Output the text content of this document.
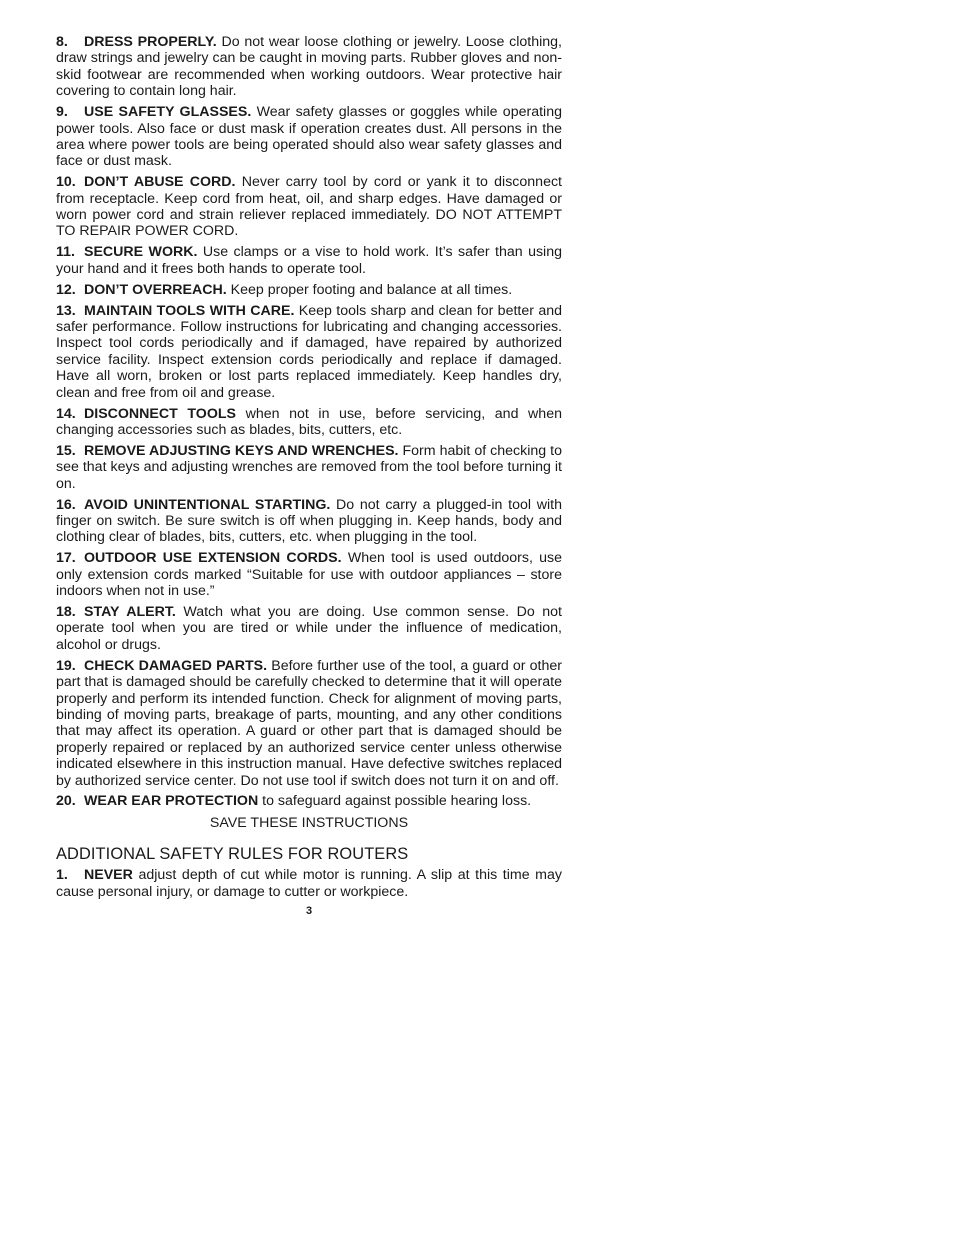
8. DRESS PROPERLY. Do not wear loose clothing or jewelry. Loose clothing, draw strings and jewelry can be caught in moving parts. Rubber gloves and non-skid footwear are recommended when working outdoors. Wear protective hair covering to contain long hair.

9. USE SAFETY GLASSES. Wear safety glasses or goggles while operating power tools. Also face or dust mask if operation creates dust. All persons in the area where power tools are being operated should also wear safety glasses and face or dust mask.

10. DON’T ABUSE CORD. Never carry tool by cord or yank it to disconnect from receptacle. Keep cord from heat, oil, and sharp edges. Have damaged or worn power cord and strain reliever replaced immediately. DO NOT ATTEMPT TO REPAIR POWER CORD.

11. SECURE WORK. Use clamps or a vise to hold work. It’s safer than using your hand and it frees both hands to operate tool.

12. DON’T OVERREACH. Keep proper footing and balance at all times.

13. MAINTAIN TOOLS WITH CARE. Keep tools sharp and clean for better and safer performance. Follow instructions for lubricating and changing accessories. Inspect tool cords periodically and if damaged, have repaired by authorized service facility. Inspect extension cords periodically and replace if damaged. Have all worn, broken or lost parts replaced immediately. Keep handles dry, clean and free from oil and grease.

14. DISCONNECT TOOLS when not in use, before servicing, and when changing accessories such as blades, bits, cutters, etc.

15. REMOVE ADJUSTING KEYS AND WRENCHES. Form habit of checking to see that keys and adjusting wrenches are removed from the tool before turning it on.

16. AVOID UNINTENTIONAL STARTING. Do not carry a plugged-in tool with finger on switch. Be sure switch is off when plugging in. Keep hands, body and clothing clear of blades, bits, cutters, etc. when plugging in the tool.

17. OUTDOOR USE EXTENSION CORDS. When tool is used outdoors, use only extension cords marked “Suitable for use with outdoor appliances – store indoors when not in use.”

18. STAY ALERT. Watch what you are doing. Use common sense. Do not operate tool when you are tired or while under the influence of medication, alcohol or drugs.

19. CHECK DAMAGED PARTS. Before further use of the tool, a guard or other part that is damaged should be carefully checked to determine that it will operate properly and perform its intended function. Check for alignment of moving parts, binding of moving parts, breakage of parts, mounting, and any other conditions that may affect its operation. A guard or other part that is damaged should be properly repaired or replaced by an authorized service center unless otherwise indicated elsewhere in this instruction manual. Have defective switches replaced by authorized service center. Do not use tool if switch does not turn it on and off.

20. WEAR EAR PROTECTION to safeguard against possible hearing loss.

SAVE THESE INSTRUCTIONS

ADDITIONAL SAFETY RULES FOR ROUTERS

1. NEVER adjust depth of cut while motor is running. A slip at this time may cause personal injury, or damage to cutter or workpiece.

3
